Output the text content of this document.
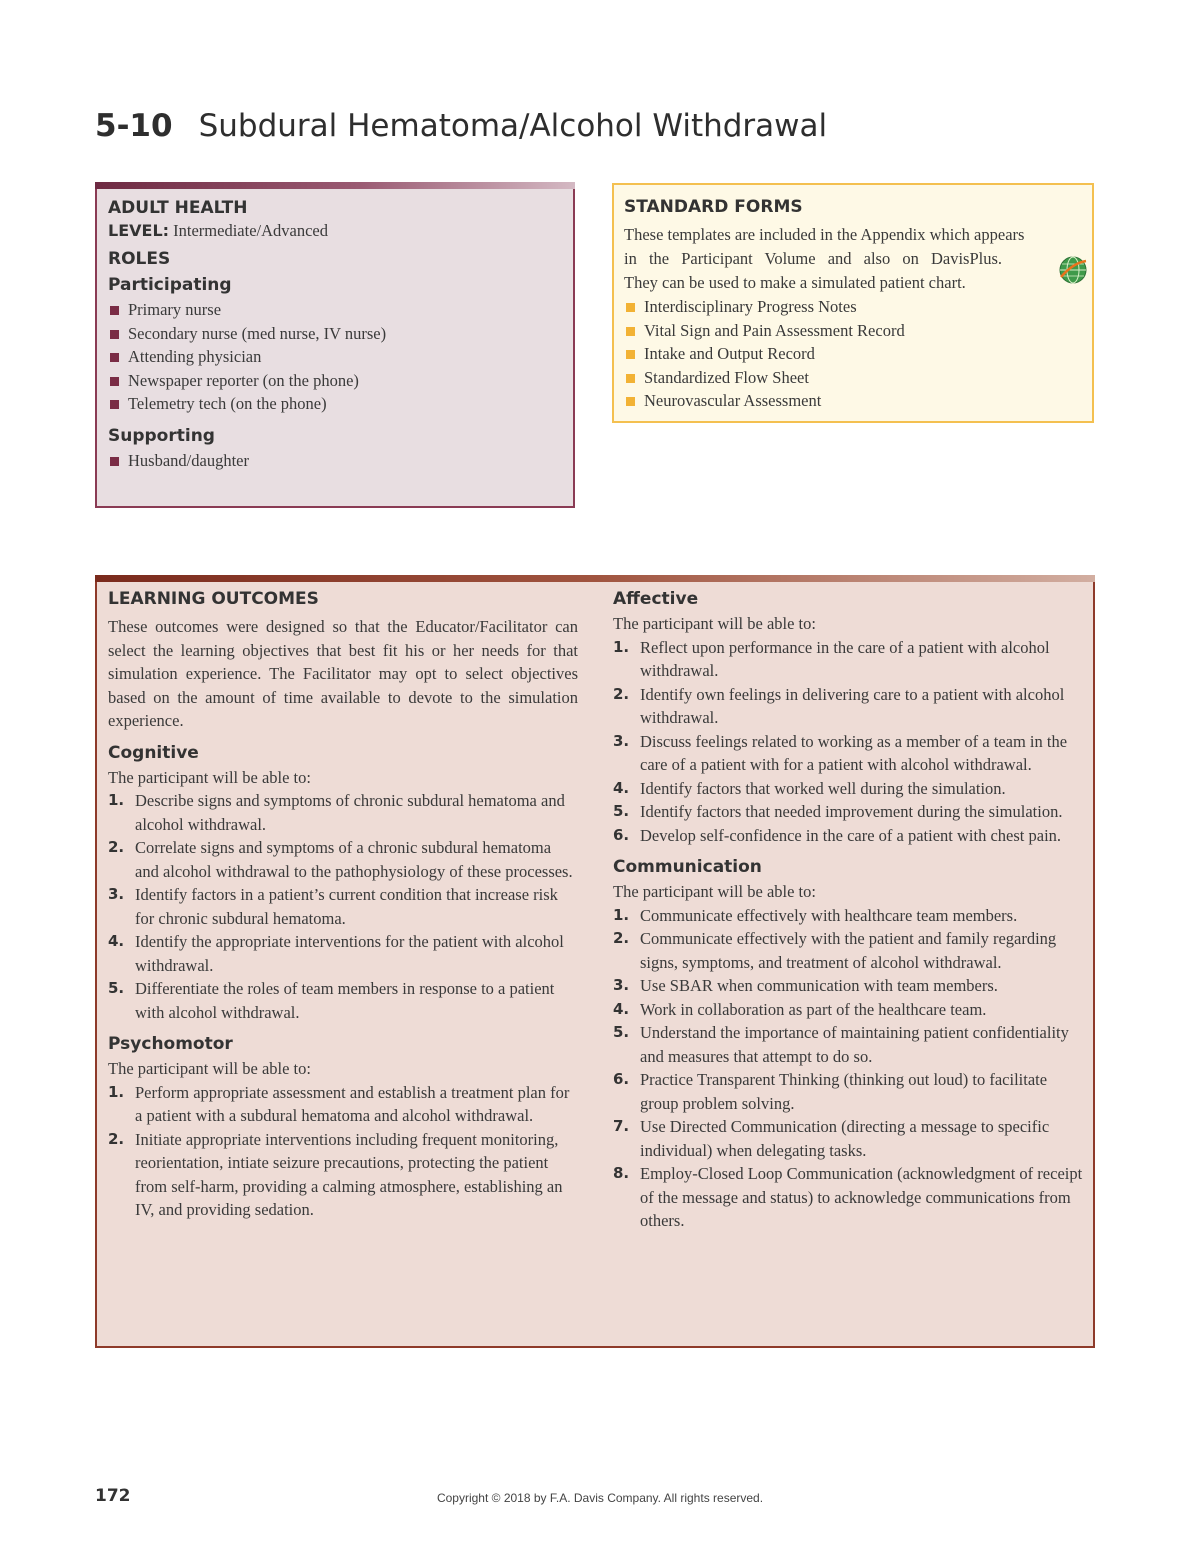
5-10 Subdural Hematoma/Alcohol Withdrawal
ADULT HEALTH
LEVEL: Intermediate/Advanced
ROLES
Participating
Primary nurse
Secondary nurse (med nurse, IV nurse)
Attending physician
Newspaper reporter (on the phone)
Telemetry tech (on the phone)
Supporting
Husband/daughter
STANDARD FORMS
These templates are included in the Appendix which appears
in the Participant Volume and also on DavisPlus.
They can be used to make a simulated patient chart.
Interdisciplinary Progress Notes
Vital Sign and Pain Assessment Record
Intake and Output Record
Standardized Flow Sheet
Neurovascular Assessment
LEARNING OUTCOMES

These outcomes were designed so that the Educator/Facilitator can select the learning objectives that best fit his or her needs for that simulation experience. The Facilitator may opt to select objectives based on the amount of time available to devote to the simulation experience.

Cognitive
The participant will be able to:
1. Describe signs and symptoms of chronic subdural hematoma and alcohol withdrawal.
2. Correlate signs and symptoms of a chronic subdural hematoma and alcohol withdrawal to the pathophysiology of these processes.
3. Identify factors in a patient’s current condition that increase risk for chronic subdural hematoma.
4. Identify the appropriate interventions for the patient with alcohol withdrawal.
5. Differentiate the roles of team members in response to a patient with alcohol withdrawal.
Psychomotor
The participant will be able to:
1. Perform appropriate assessment and establish a treatment plan for a patient with a subdural hematoma and alcohol withdrawal.
2. Initiate appropriate interventions including frequent monitoring, reorientation, intiate seizure precautions, protecting the patient from self-harm, providing a calming atmosphere, establishing an IV, and providing sedation.
Affective
The participant will be able to:
1. Reflect upon performance in the care of a patient with alcohol withdrawal.
2. Identify own feelings in delivering care to a patient with alcohol withdrawal.
3. Discuss feelings related to working as a member of a team in the care of a patient with for a patient with alcohol withdrawal.
4. Identify factors that worked well during the simulation.
5. Identify factors that needed improvement during the simulation.
6. Develop self-confidence in the care of a patient with chest pain.
Communication
The participant will be able to:
1. Communicate effectively with healthcare team members.
2. Communicate effectively with the patient and family regarding signs, symptoms, and treatment of alcohol withdrawal.
3. Use SBAR when communication with team members.
4. Work in collaboration as part of the healthcare team.
5. Understand the importance of maintaining patient confidentiality and measures that attempt to do so.
6. Practice Transparent Thinking (thinking out loud) to facilitate group problem solving.
7. Use Directed Communication (directing a message to specific individual) when delegating tasks.
8. Employ-Closed Loop Communication (acknowledgment of receipt of the message and status) to acknowledge communications from others.
172	Copyright © 2018 by F.A. Davis Company. All rights reserved.
